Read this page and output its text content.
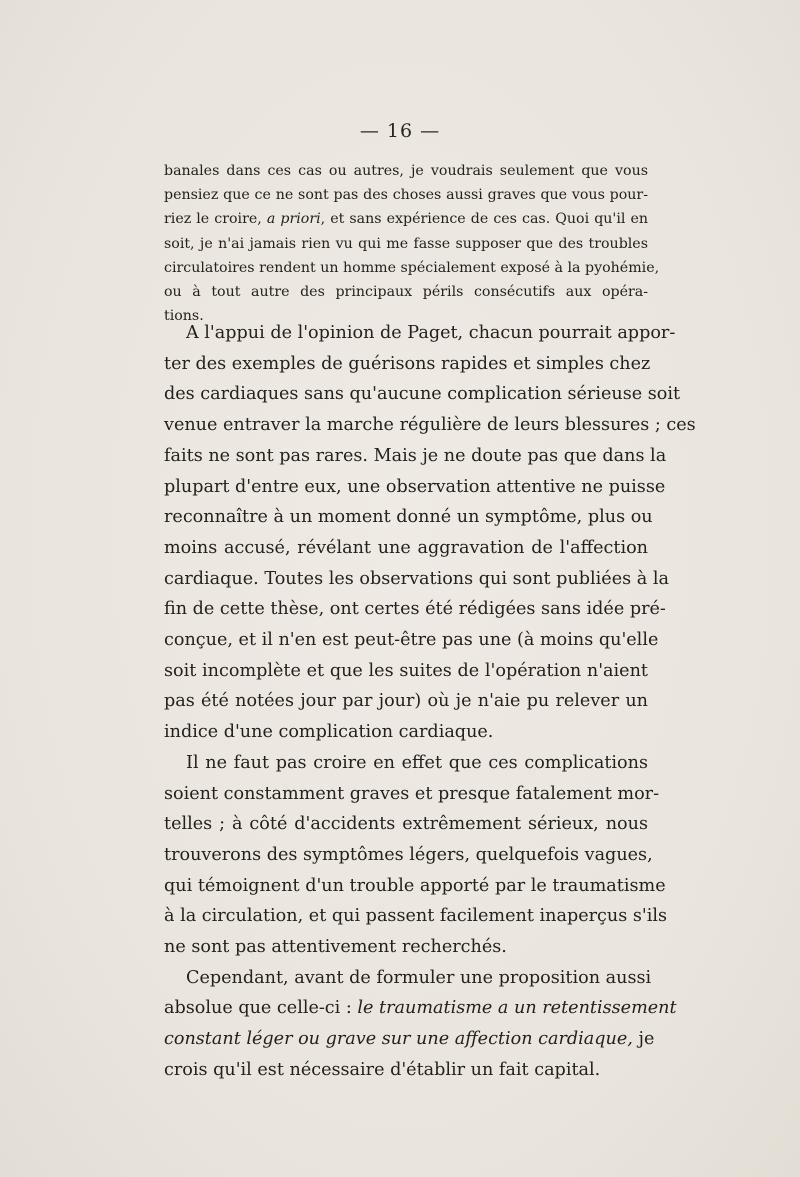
— 16 —
banales dans ces cas ou autres, je voudrais seulement que vous
pensiez que ce ne sont pas des choses aussi graves que vous pour-
riez le croire, a priori, et sans expérience de ces cas. Quoi qu'il en
soit, je n'ai jamais rien vu qui me fasse supposer que des troubles
circulatoires rendent un homme spécialement exposé à la pyohémie,
ou à tout autre des principaux périls consécutifs aux opéra-
tions.
A l'appui de l'opinion de Paget, chacun pourrait appor-
ter des exemples de guérisons rapides et simples chez
des cardiaques sans qu'aucune complication sérieuse soit
venue entraver la marche régulière de leurs blessures ; ces
faits ne sont pas rares. Mais je ne doute pas que dans la
plupart d'entre eux, une observation attentive ne puisse
reconnaître à un moment donné un symptôme, plus ou
moins accusé, révélant une aggravation de l'affection
cardiaque. Toutes les observations qui sont publiées à la
fin de cette thèse, ont certes été rédigées sans idée pré-
conçue, et il n'en est peut-être pas une (à moins qu'elle
soit incomplète et que les suites de l'opération n'aient
pas été notées jour par jour) où je n'aie pu relever un
indice d'une complication cardiaque.
Il ne faut pas croire en effet que ces complications
soient constamment graves et presque fatalement mor-
telles ; à côté d'accidents extrêmement sérieux, nous
trouverons des symptômes légers, quelquefois vagues,
qui témoignent d'un trouble apporté par le traumatisme
à la circulation, et qui passent facilement inaperçus s'ils
ne sont pas attentivement recherchés.
Cependant, avant de formuler une proposition aussi
absolue que celle-ci : le traumatisme a un retentissement
constant léger ou grave sur une affection cardiaque, je
crois qu'il est nécessaire d'établir un fait capital.
